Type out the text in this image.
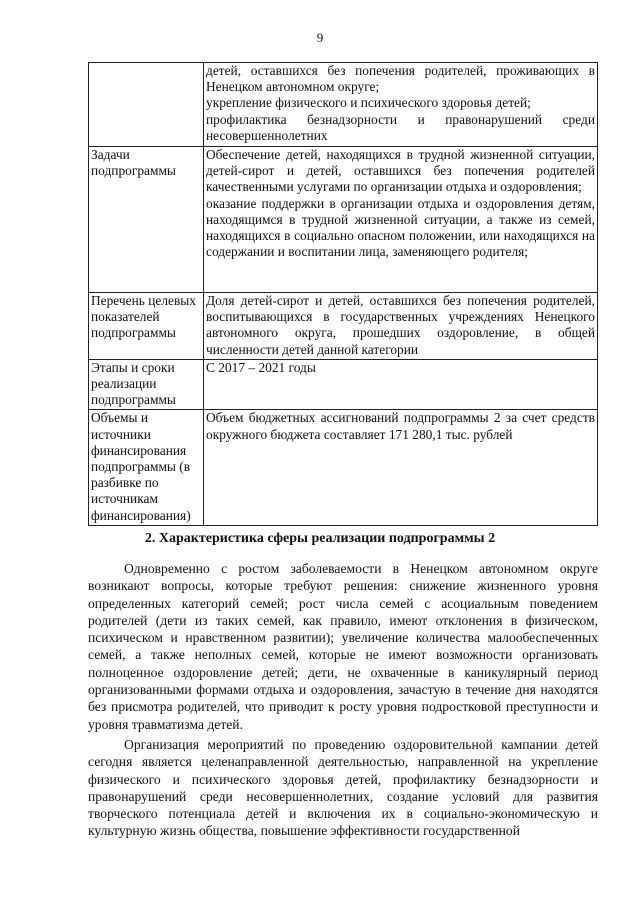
9

	детей, оставшихся без попечения родителей, проживающих в Ненецком автономном округе;
укрепление физического и психического здоровья детей;
профилактика безнадзорности и правонарушений среди несовершеннолетних

Задачи подпрограммы	Обеспечение детей, находящихся в трудной жизненной ситуации, детей-сирот и детей, оставшихся без попечения родителей качественными услугами по организации отдыха и оздоровления;
оказание поддержки в организации отдыха и оздоровления детям, находящимся в трудной жизненной ситуации, а также из семей, находящихся в социально опасном положении, или находящихся на содержании и воспитании лица, заменяющего родителя;

Перечень целевых показателей подпрограммы	Доля детей-сирот и детей, оставшихся без попечения родителей, воспитывающихся в государственных учреждениях Ненецкого автономного округа, прошедших оздоровление, в общей численности детей данной категории

Этапы и сроки реализации подпрограммы	С 2017 – 2021 годы

Объемы и источники финансирования подпрограммы (в разбивке по источникам финансирования)	Объем бюджетных ассигнований подпрограммы 2 за счет средств окружного бюджета составляет 171 280,1 тыс. рублей
2. Характеристика сферы реализации подпрограммы 2

Одновременно с ростом заболеваемости в Ненецком автономном округе возникают вопросы, которые требуют решения: снижение жизненного уровня определенных категорий семей; рост числа семей с асоциальным поведением родителей (дети из таких семей, как правило, имеют отклонения в физическом, психическом и нравственном развитии); увеличение количества малообеспеченных семей, а также неполных семей, которые не имеют возможности организовать полноценное оздоровление детей; дети, не охваченные в каникулярный период организованными формами отдыха и оздоровления, зачастую в течение дня находятся без присмотра родителей, что приводит к росту уровня подростковой преступности и уровня травматизма детей.

Организация мероприятий по проведению оздоровительной кампании детей сегодня является целенаправленной деятельностью, направленной на укрепление физического и психического здоровья детей, профилактику безнадзорности и правонарушений среди несовершеннолетних, создание условий для развития творческого потенциала детей и включения их в социально-экономическую и культурную жизнь общества, повышение эффективности государственной
